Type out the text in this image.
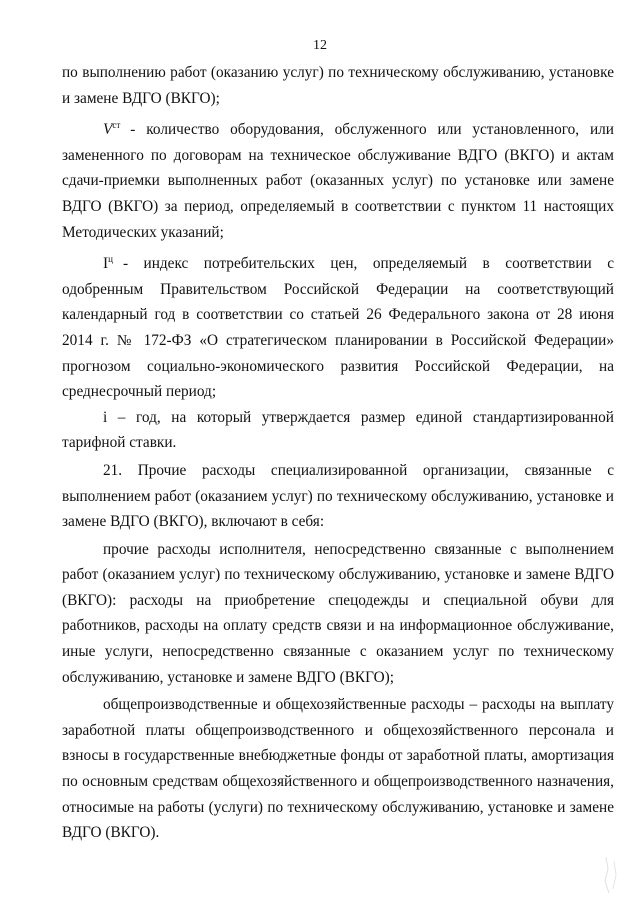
12

по выполнению работ (оказанию услуг) по техническому обслуживанию, установке и замене ВДГО (ВКГО);

$V^{ст}$ - количество оборудования, обслуженного или установленного, или замененного по договорам на техническое обслуживание ВДГО (ВКГО) и актам сдачи-приемки выполненных работ (оказанных услуг) по установке или замене ВДГО (ВКГО) за период, определяемый в соответствии с пунктом 11 настоящих Методических указаний;

$I^ц$ - индекс потребительских цен, определяемый в соответствии с одобренным Правительством Российской Федерации на соответствующий календарный год в соответствии со статьей 26 Федерального закона от 28 июня 2014 г. № 172-ФЗ «О стратегическом планировании в Российской Федерации» прогнозом социально-экономического развития Российской Федерации, на среднесрочный период;

i – год, на который утверждается размер единой стандартизированной тарифной ставки.

21. Прочие расходы специализированной организации, связанные с выполнением работ (оказанием услуг) по техническому обслуживанию, установке и замене ВДГО (ВКГО), включают в себя:

прочие расходы исполнителя, непосредственно связанные с выполнением работ (оказанием услуг) по техническому обслуживанию, установке и замене ВДГО (ВКГО): расходы на приобретение спецодежды и специальной обуви для работников, расходы на оплату средств связи и на информационное обслуживание, иные услуги, непосредственно связанные с оказанием услуг по техническому обслуживанию, установке и замене ВДГО (ВКГО);

общепроизводственные и общехозяйственные расходы – расходы на выплату заработной платы общепроизводственного и общехозяйственного персонала и взносы в государственные внебюджетные фонды от заработной платы, амортизация по основным средствам общехозяйственного и общепроизводственного назначения, относимые на работы (услуги) по техническому обслуживанию, установке и замене ВДГО (ВКГО).
